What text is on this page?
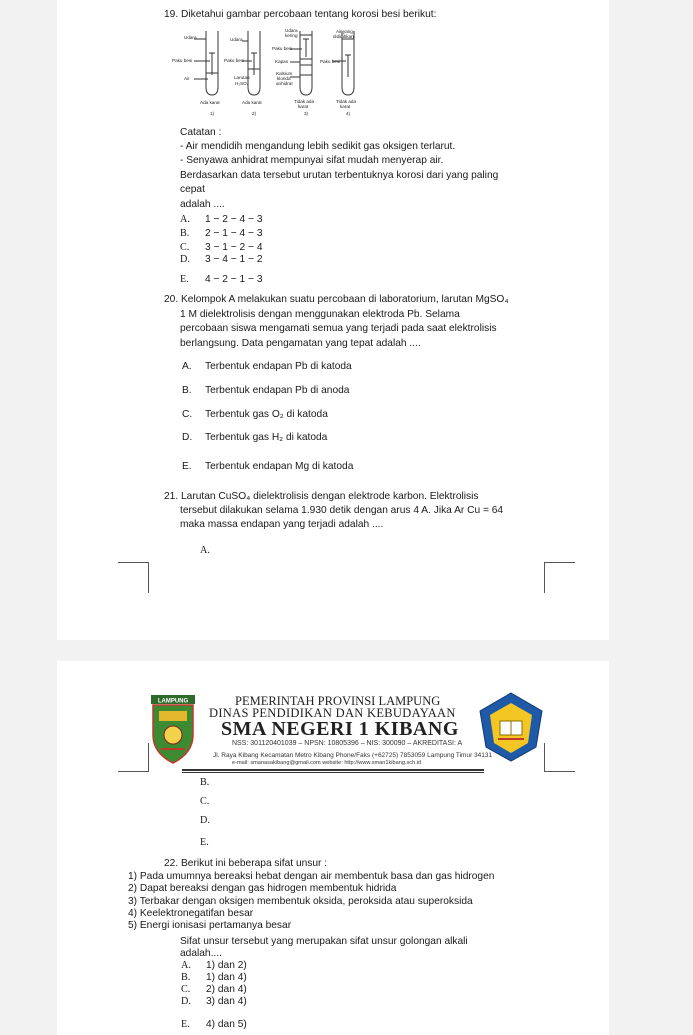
19. Diketahui gambar percobaan tentang korosi besi berikut:
Udara
Paku besi
Air
Ada karat
1)
Udara
Paku besi
Larutan
H₂SO₄
Ada karat
2)
Udara
kering
Paku besi
Kapas
Kalsium
klorida
anhidrat
Tidak ada
karat
3)
Air yang
dididihkan
Paku besi
Tidak ada
karat
4)
Catatan :
- Air mendidih mengandung lebih sedikit gas oksigen terlarut.
- Senyawa anhidrat mempunyai sifat mudah menyerap air.
Berdasarkan data tersebut urutan terbentuknya korosi dari yang paling
cepat
adalah ....
A. 1 − 2 − 4 − 3
B. 2 − 1 − 4 − 3
C. 3 − 1 − 2 − 4
D. 3 − 4 − 1 − 2
E. 4 − 2 − 1 − 3
20. Kelompok A melakukan suatu percobaan di laboratorium, larutan MgSO₄
1 M dielektrolisis dengan menggunakan elektroda Pb. Selama
percobaan siswa mengamati semua yang terjadi pada saat elektrolisis
berlangsung. Data pengamatan yang tepat adalah ....
A. Terbentuk endapan Pb di katoda
B. Terbentuk endapan Pb di anoda
C. Terbentuk gas O₂ di katoda
D. Terbentuk gas H₂ di katoda
E. Terbentuk endapan Mg di katoda
21. Larutan CuSO₄ dielektrolisis dengan elektrode karbon. Elektrolisis
tersebut dilakukan selama 1.930 detik dengan arus 4 A. Jika Ar Cu = 64
maka massa endapan yang terjadi adalah ....
A.
LAMPUNG	PEMERINTAH PROVINSI LAMPUNG
DINAS PENDIDIKAN DAN KEBUDAYAAN
SMA NEGERI 1 KIBANG
NSS: 301120401039 – NPSN: 10805396 – NIS: 300090 – AKREDITASI: A
Jl. Raya Kibang Kecamatan Metro Kibang Phone/Faks (+62725) 7853059 Lampung Timur 34131
e-mail: smanasakibang@gmail.com website: http://www.sman1kibang.sch.id
B.
C.
D.
E.
22. Berikut ini beberapa sifat unsur :
1) Pada umumnya bereaksi hebat dengan air membentuk basa dan gas hidrogen
2) Dapat bereaksi dengan gas hidrogen membentuk hidrida
3) Terbakar dengan oksigen membentuk oksida, peroksida atau superoksida
4) Keelektronegatifan besar
5) Energi ionisasi pertamanya besar
Sifat unsur tersebut yang merupakan sifat unsur golongan alkali
adalah....
A. 1) dan 2)
B. 1) dan 4)
C. 2) dan 4)
D. 3) dan 4)
E. 4) dan 5)
